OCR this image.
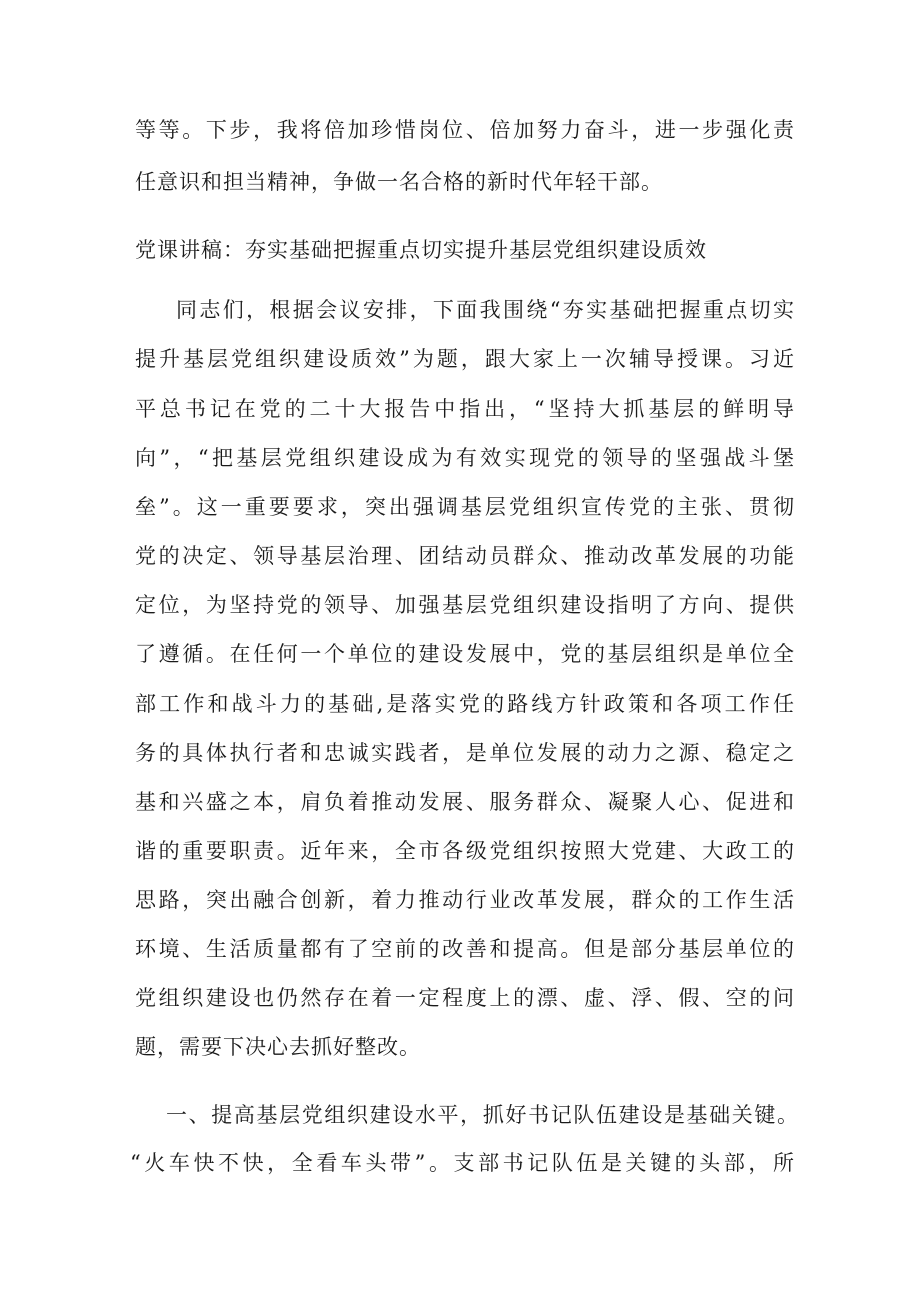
等等。下步，我将倍加珍惜岗位、倍加努力奋斗，进一步强化责
任意识和担当精神，争做一名合格的新时代年轻干部。
党课讲稿：夯实基础把握重点切实提升基层党组织建设质效
同志们，根据会议安排，下面我围绕“夯实基础把握重点切实
提升基层党组织建设质效”为题，跟大家上一次辅导授课。习近
平总书记在党的二十大报告中指出，“坚持大抓基层的鲜明导
向”，“把基层党组织建设成为有效实现党的领导的坚强战斗堡
垒”。这一重要要求，突出强调基层党组织宣传党的主张、贯彻
党的决定、领导基层治理、团结动员群众、推动改革发展的功能
定位，为坚持党的领导、加强基层党组织建设指明了方向、提供
了遵循。在任何一个单位的建设发展中，党的基层组织是单位全
部工作和战斗力的基础,是落实党的路线方针政策和各项工作任
务的具体执行者和忠诚实践者，是单位发展的动力之源、稳定之
基和兴盛之本，肩负着推动发展、服务群众、凝聚人心、促进和
谐的重要职责。近年来，全市各级党组织按照大党建、大政工的
思路，突出融合创新，着力推动行业改革发展，群众的工作生活
环境、生活质量都有了空前的改善和提高。但是部分基层单位的
党组织建设也仍然存在着一定程度上的漂、虚、浮、假、空的问
题，需要下决心去抓好整改。
一、提高基层党组织建设水平，抓好书记队伍建设是基础关键。
“火车快不快，全看车头带”。支部书记队伍是关键的头部，所
